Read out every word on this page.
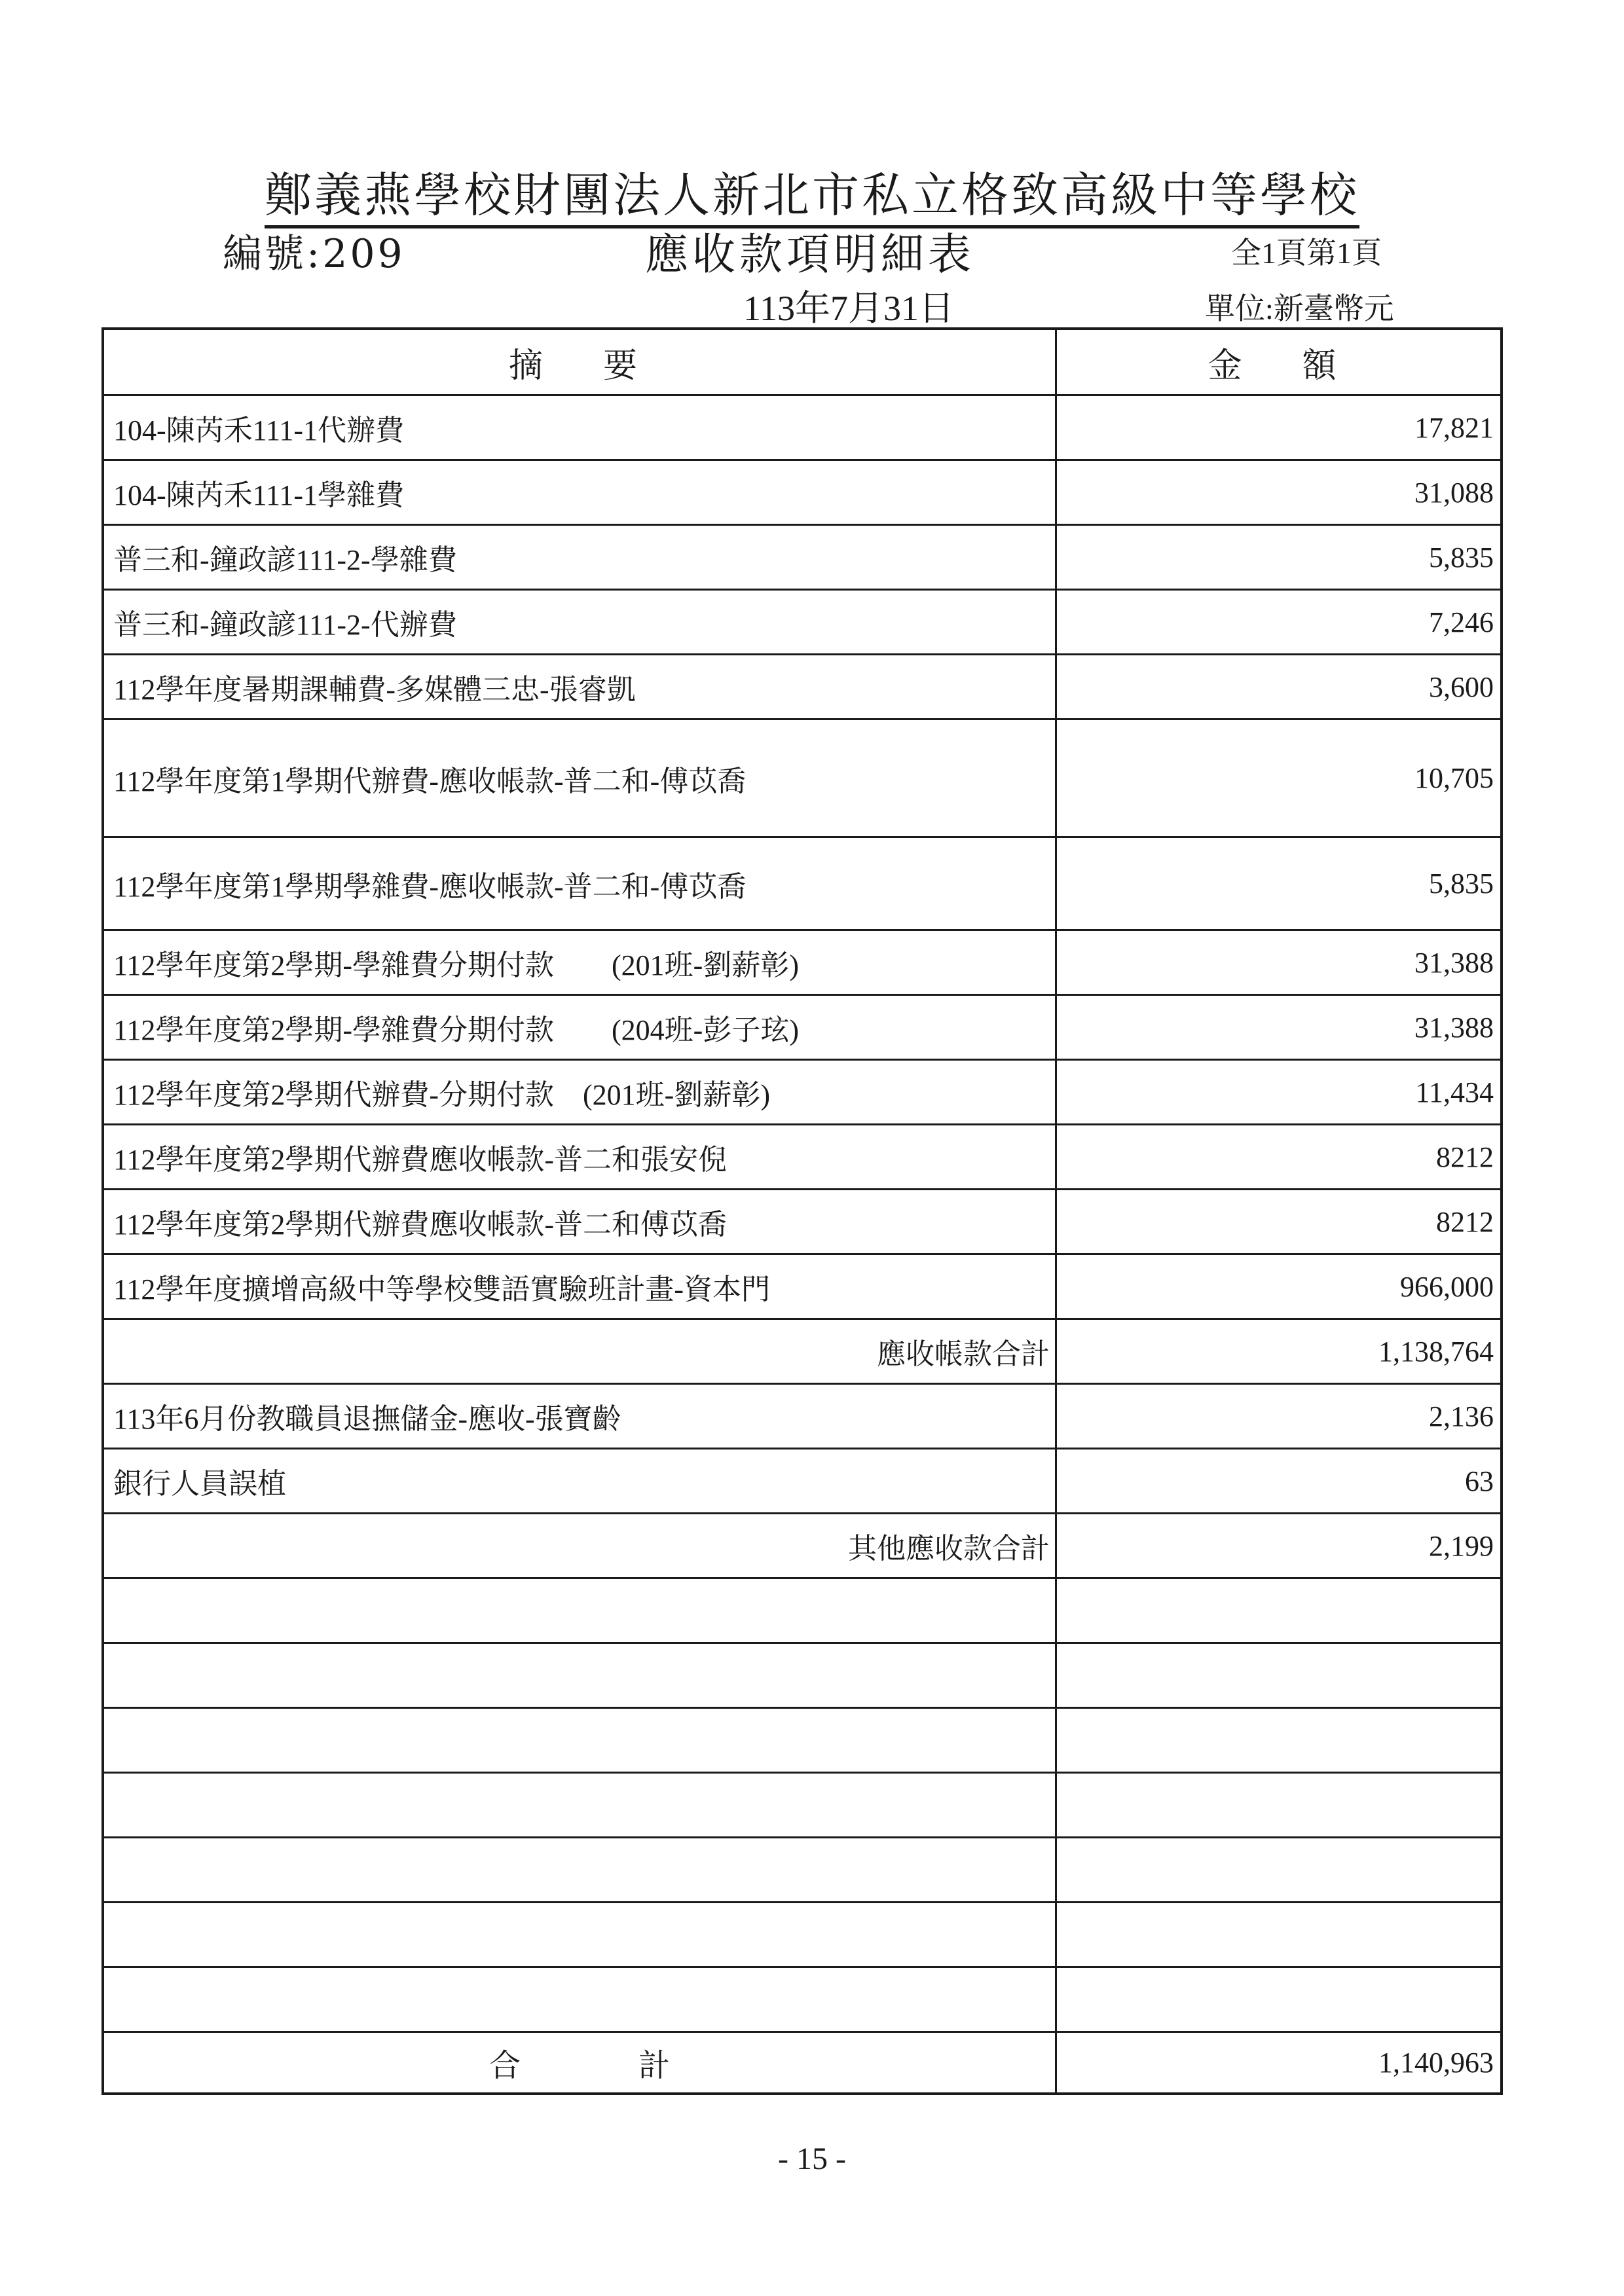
鄭義燕學校財團法人新北市私立格致高級中等學校
編號:209	應收款項明細表	全1頁第1頁
113年7月31日	單位:新臺幣元
摘　要	金　額
104-陳芮禾111-1代辦費	17,821
104-陳芮禾111-1學雜費	31,088
普三和-鐘政諺111-2-學雜費	5,835
普三和-鐘政諺111-2-代辦費	7,246
112學年度暑期課輔費-多媒體三忠-張睿凱	3,600
112學年度第1學期代辦費-應收帳款-普二和-傅苡喬	10,705
112學年度第1學期學雜費-應收帳款-普二和-傅苡喬	5,835
112學年度第2學期-學雜費分期付款　　(201班-劉薪彰)	31,388
112學年度第2學期-學雜費分期付款　　(204班-彭子玹)	31,388
112學年度第2學期代辦費-分期付款　(201班-劉薪彰)	11,434
112學年度第2學期代辦費應收帳款-普二和張安倪	8212
112學年度第2學期代辦費應收帳款-普二和傅苡喬	8212
112學年度擴增高級中等學校雙語實驗班計畫-資本門	966,000
應收帳款合計	1,138,764
113年6月份教職員退撫儲金-應收-張寶齡	2,136
銀行人員誤植	63
其他應收款合計	2,199
合計	1,140,963
- 15 -
